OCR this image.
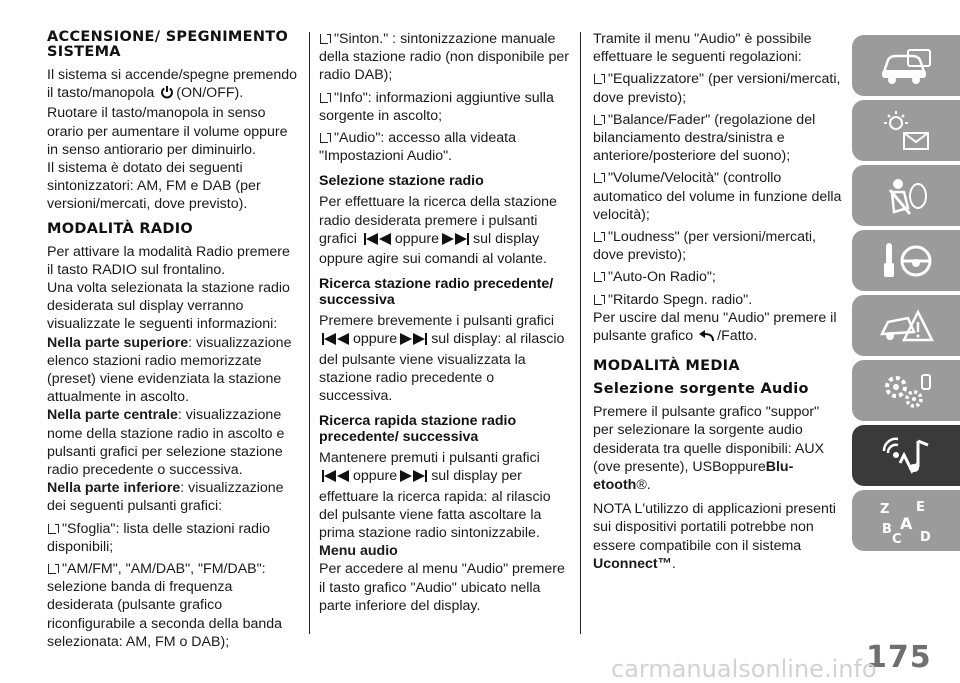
ACCENSIONE/ SPEGNIMENTO SISTEMA

Il sistema si accende/spegne premendo il tasto/manopola (ON/OFF).

Ruotare il tasto/manopola in senso orario per aumentare il volume oppure in senso antiorario per diminuirlo.

Il sistema è dotato dei seguenti sintonizzatori: AM, FM e DAB (per versioni/mercati, dove previsto).

MODALITÀ RADIO

Per attivare la modalità Radio premere il tasto RADIO sul frontalino.

Una volta selezionata la stazione radio desiderata sul display verranno visualizzate le seguenti informazioni:

Nella parte superiore: visualizzazione elenco stazioni radio memorizzate (preset) viene evidenziata la stazione attualmente in ascolto.

Nella parte centrale: visualizzazione nome della stazione radio in ascolto e pulsanti grafici per selezione stazione radio precedente o successiva.

Nella parte inferiore: visualizzazione dei seguenti pulsanti grafici:

"Sfoglia": lista delle stazioni radio disponibili;

"AM/FM", "AM/DAB", "FM/DAB": selezione banda di frequenza desiderata (pulsante grafico riconfigurabile a seconda della banda selezionata: AM, FM o DAB);

"Sinton." : sintonizzazione manuale della stazione radio (non disponibile per radio DAB);

"Info": informazioni aggiuntive sulla sorgente in ascolto;

"Audio": accesso alla videata "Impostazioni Audio".

Selezione stazione radio

Per effettuare la ricerca della stazione radio desiderata premere i pulsanti grafici	oppure sul display oppure agire sui comandi al volante.

Ricerca stazione radio precedente/ successiva

Premere brevemente i pulsanti grafici oppure sul display: al rilascio del pulsante viene visualizzata la stazione radio precedente o successiva.

Ricerca rapida stazione radio precedente/ successiva

Mantenere premuti i pulsanti grafici oppure sul display per effettuare la ricerca rapida: al rilascio del pulsante viene fatta ascoltare la prima stazione radio sintonizzabile.

Menu audio

Per accedere al menu "Audio" premere il tasto grafico "Audio" ubicato nella parte inferiore del display.

Tramite il menu "Audio" è possibile effettuare le seguenti regolazioni:

"Equalizzatore" (per versioni/mercati, dove previsto);

"Balance/Fader" (regolazione del bilanciamento destra/sinistra e anteriore/posteriore del suono);

"Volume/Velocità" (controllo automatico del volume in funzione della velocità);

"Loudness" (per versioni/mercati, dove previsto);

"Auto-On Radio";

"Ritardo Spegn. radio".

Per uscire dal menu "Audio" premere il pulsante grafico /Fatto.

MODALITÀ MEDIA
Selezione sorgente Audio

Premere il pulsante grafico "suppor" per selezionare la sorgente audio desiderata tra quelle disponibili: AUX (ove presente), USBoppureBlu- etooth®.

NOTA L'utilizzo di applicazioni presenti sui dispositivi portatili potrebbe non essere compatibile con il sistema Uconnect™.

Z E
A
B
C D
175
carmanualsonline.info
